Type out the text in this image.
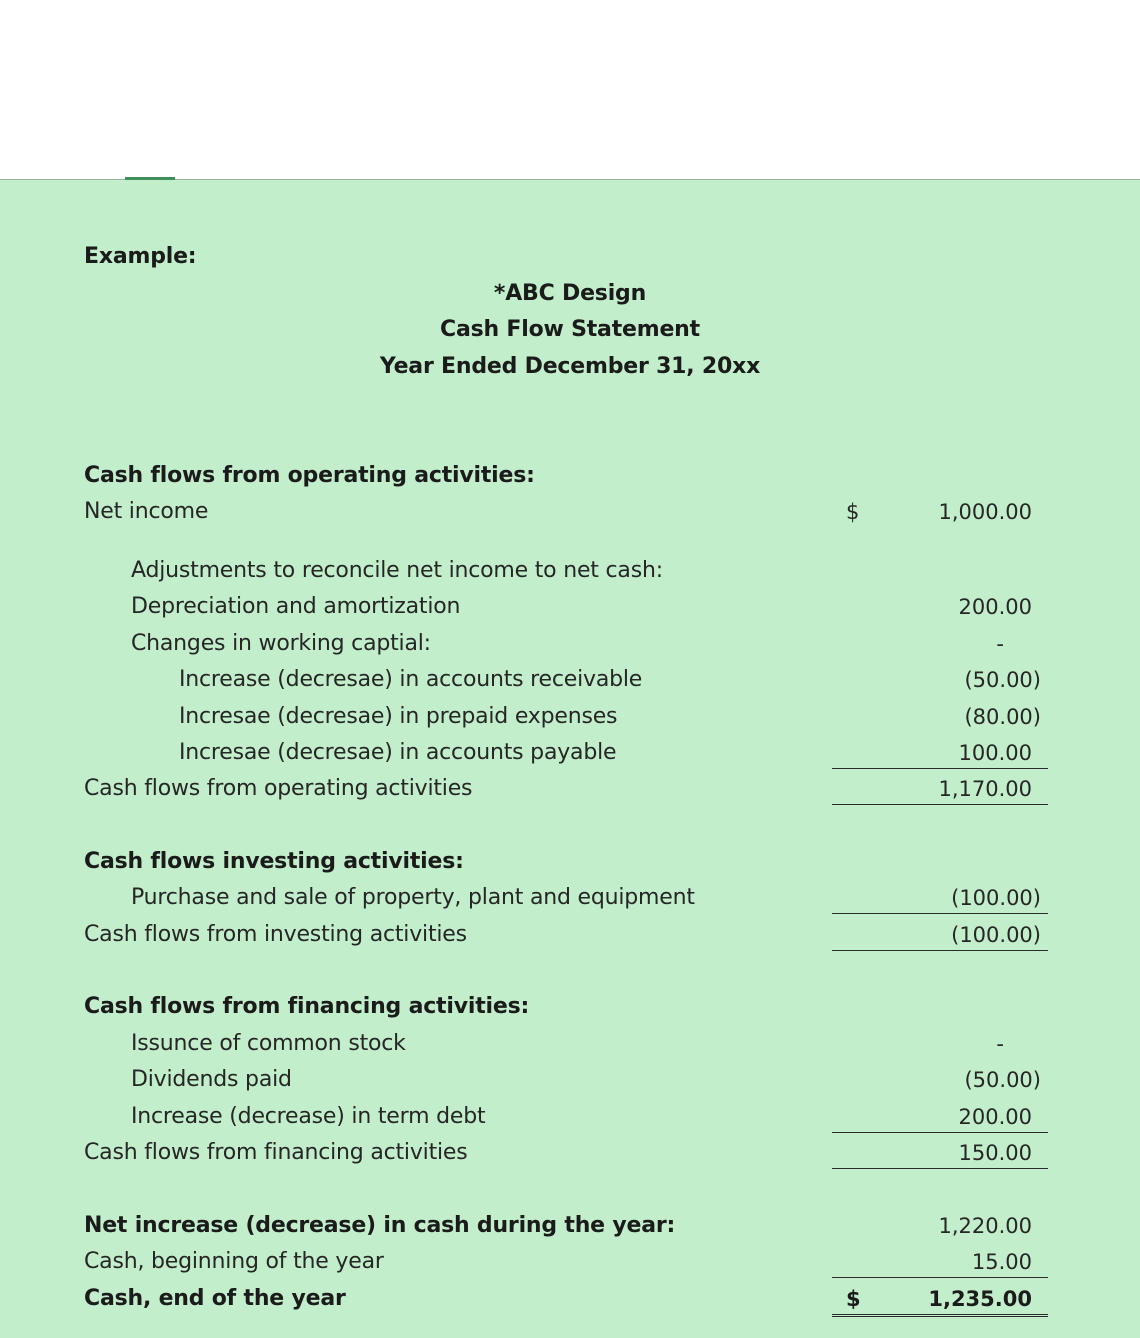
Example:
*ABC Design
Cash Flow Statement
Year Ended December 31, 20xx
Cash flows from operating activities:
Net income	$	1,000.00
Adjustments to reconcile net income to net cash:
Depreciation and amortization	200.00
Changes in working captial:	-
Increase (decresae) in accounts receivable	(50.00)
Incresae (decresae) in prepaid expenses	(80.00)
Incresae (decresae) in accounts payable	100.00
Cash flows from operating activities	1,170.00
Cash flows investing activities:
Purchase and sale of property, plant and equipment	(100.00)
Cash flows from investing activities	(100.00)
Cash flows from financing activities:
Issunce of common stock	-
Dividends paid	(50.00)
Increase (decrease) in term debt	200.00
Cash flows from financing activities	150.00
Net increase (decrease) in cash during the year:	1,220.00
Cash, beginning of the year	15.00
Cash, end of the year	$	1,235.00
